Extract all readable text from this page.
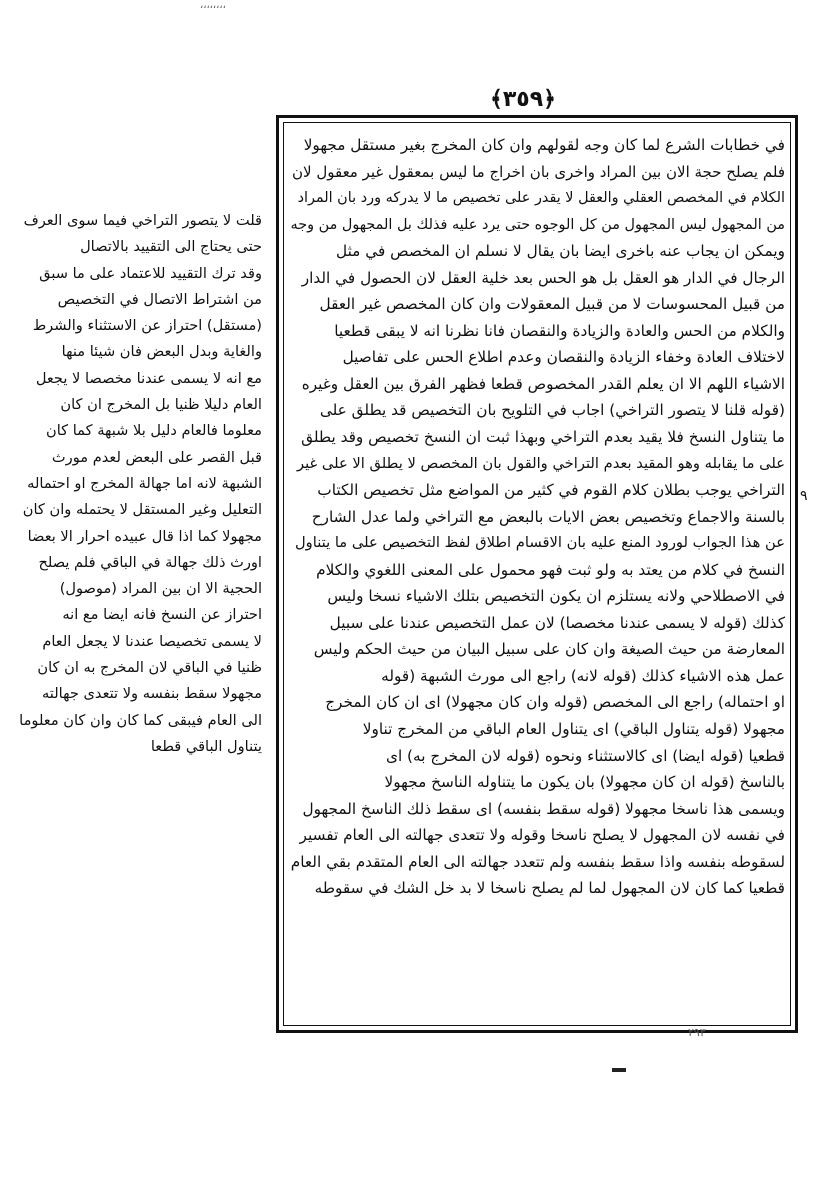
،،،،،،،،
﴿٣٥٩﴾
في خطابات الشرع لما كان وجه لقولهم وان كان المخرج بغير مستقل مجهولا
فلم يصلح حجة الان بين المراد واخرى بان اخراج ما ليس بمعقول غير معقول لان
الكلام في المخصص العقلي والعقل لا يقدر على تخصيص ما لا يدركه ورد بان المراد
من المجهول ليس المجهول من كل الوجوه حتى يرد عليه فذلك بل المجهول من وجه
ويمكن ان يجاب عنه باخرى ايضا بان يقال لا نسلم ان المخصص في مثل
الرجال في الدار هو العقل بل هو الحس بعد خلية العقل لان الحصول في الدار
من قبيل المحسوسات لا من قبيل المعقولات وان كان المخصص غير العقل
والكلام من الحس والعادة والزيادة والنقصان فانا نظرنا انه لا يبقى قطعيا
لاختلاف العادة وخفاء الزيادة والنقصان وعدم اطلاع الحس على تفاصيل
الاشياء اللهم الا ان يعلم القدر المخصوص قطعا فظهر الفرق بين العقل وغيره
(قوله قلنا لا يتصور التراخي) اجاب في التلويح بان التخصيص قد يطلق على
ما يتناول النسخ فلا يقيد بعدم التراخي وبهذا ثبت ان النسخ تخصيص وقد يطلق
على ما يقابله وهو المقيد بعدم التراخي والقول بان المخصص لا يطلق الا على غير
التراخي يوجب بطلان كلام القوم في كثير من المواضع مثل تخصيص الكتاب
بالسنة والاجماع وتخصيص بعض الايات بالبعض مع التراخي ولما عدل الشارح
عن هذا الجواب لورود المنع عليه بان الاقسام اطلاق لفظ التخصيص على ما يتناول
النسخ في كلام من يعتد به ولو ثبت فهو محمول على المعنى اللغوي والكلام
في الاصطلاحي ولانه يستلزم ان يكون التخصيص بتلك الاشياء نسخا وليس
كذلك (قوله لا يسمى عندنا مخصصا) لان عمل التخصيص عندنا على سبيل
المعارضة من حيث الصيغة وان كان على سبيل البيان من حيث الحكم وليس
عمل هذه الاشياء كذلك (قوله لانه) راجع الى مورث الشبهة (قوله
او احتماله) راجع الى المخصص (قوله وان كان مجهولا) اى ان كان المخرج
مجهولا (قوله يتناول الباقي) اى يتناول العام الباقي من المخرج تناولا
قطعيا (قوله ايضا) اى كالاستثناء ونحوه (قوله لان المخرج به) اى
بالناسخ (قوله ان كان مجهولا) بان يكون ما يتناوله الناسخ مجهولا
ويسمى هذا ناسخا مجهولا (قوله سقط بنفسه) اى سقط ذلك الناسخ المجهول
في نفسه لان المجهول لا يصلح ناسخا وقوله ولا تتعدى جهالته الى العام تفسير
لسقوطه بنفسه واذا سقط بنفسه ولم تتعدد جهالته الى العام المتقدم بقي العام
قطعيا كما كان لان المجهول لما لم يصلح ناسخا لا بد خل الشك في سقوطه
قلت لا يتصور التراخي فيما سوى العرف
حتى يحتاج الى التقييد بالاتصال
وقد ترك التقييد للاعتماد على ما سبق
من اشتراط الاتصال في التخصيص
(مستقل) احتراز عن الاستثناء والشرط
والغاية وبدل البعض فان شيئا منها
مع انه لا يسمى عندنا مخصصا لا يجعل
العام دليلا ظنيا بل المخرج ان كان
معلوما فالعام دليل بلا شبهة كما كان
قبل القصر على البعض لعدم مورث
الشبهة لانه اما جهالة المخرج او احتماله
التعليل وغير المستقل لا يحتمله وان كان
مجهولا كما اذا قال عبيده احرار الا بعضا
اورث ذلك جهالة في الباقي فلم يصلح
الحجية الا ان بين المراد (موصول)
احتراز عن النسخ فانه ايضا مع انه
لا يسمى تخصيصا عندنا لا يجعل العام
ظنيا في الباقي لان المخرج به ان كان
مجهولا سقط بنفسه ولا تتعدى جهالته
الى العام فيبقى كما كان وان كان معلوما
يتناول الباقي قطعا
٩
٢٩٣
